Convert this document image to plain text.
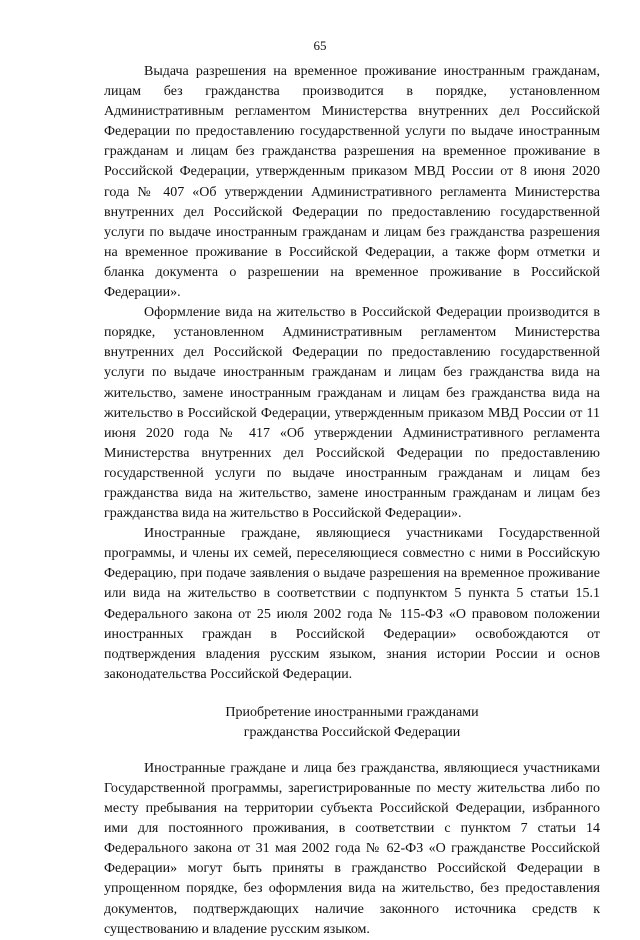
65

Выдача разрешения на временное проживание иностранным гражданам, лицам без гражданства производится в порядке, установленном Административным регламентом Министерства внутренних дел Российской Федерации по предоставлению государственной услуги по выдаче иностранным гражданам и лицам без гражданства разрешения на временное проживание в Российской Федерации, утвержденным приказом МВД России от 8 июня 2020 года № 407 «Об утверждении Административного регламента Министерства внутренних дел Российской Федерации по предоставлению государственной услуги по выдаче иностранным гражданам и лицам без гражданства разрешения на временное проживание в Российской Федерации, а также форм отметки и бланка документа о разрешении на временное проживание в Российской Федерации».

Оформление вида на жительство в Российской Федерации производится в порядке, установленном Административным регламентом Министерства внутренних дел Российской Федерации по предоставлению государственной услуги по выдаче иностранным гражданам и лицам без гражданства вида на жительство, замене иностранным гражданам и лицам без гражданства вида на жительство в Российской Федерации, утвержденным приказом МВД России от 11 июня 2020 года № 417 «Об утверждении Административного регламента Министерства внутренних дел Российской Федерации по предоставлению государственной услуги по выдаче иностранным гражданам и лицам без гражданства вида на жительство, замене иностранным гражданам и лицам без гражданства вида на жительство в Российской Федерации».

Иностранные граждане, являющиеся участниками Государственной программы, и члены их семей, переселяющиеся совместно с ними в Российскую Федерацию, при подаче заявления о выдаче разрешения на временное проживание или вида на жительство в соответствии с подпунктом 5 пункта 5 статьи 15.1 Федерального закона от 25 июля 2002 года № 115-ФЗ «О правовом положении иностранных граждан в Российской Федерации» освобождаются от подтверждения владения русским языком, знания истории России и основ законодательства Российской Федерации.

Приобретение иностранными гражданами
гражданства Российской Федерации

Иностранные граждане и лица без гражданства, являющиеся участниками Государственной программы, зарегистрированные по месту жительства либо по месту пребывания на территории субъекта Российской Федерации, избранного ими для постоянного проживания, в соответствии с пунктом 7 статьи 14 Федерального закона от 31 мая 2002 года № 62-ФЗ «О гражданстве Российской Федерации» могут быть приняты в гражданство Российской Федерации в упрощенном порядке, без оформления вида на жительство, без предоставления документов, подтверждающих наличие законного источника средств к существованию и владение русским языком.
